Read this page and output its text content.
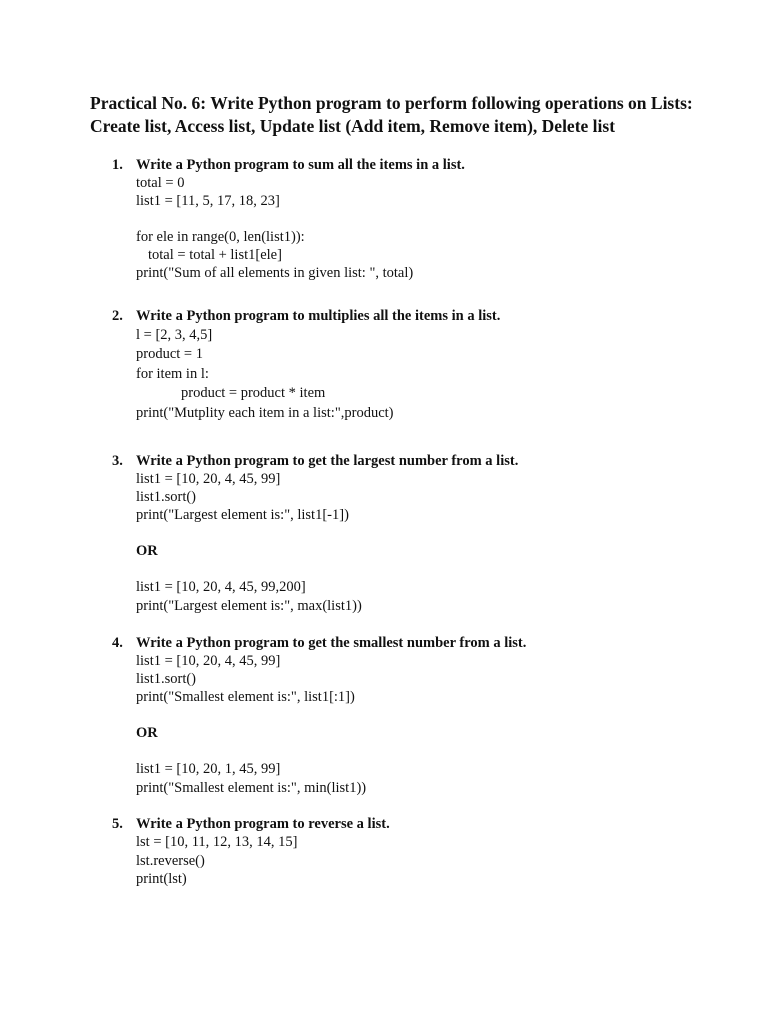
Practical No. 6: Write Python program to perform following operations on Lists: Create list, Access list, Update list (Add item, Remove item), Delete list

1. Write a Python program to sum all the items in a list.
total = 0
list1 = [11, 5, 17, 18, 23]
for ele in range(0, len(list1)):
total = total + list1[ele]
print("Sum of all elements in given list: ", total)
2. Write a Python program to multiplies all the items in a list.
l = [2, 3, 4,5]
product = 1
for item in l:
product = product * item
print("Mutplity each item in a list:",product)
3. Write a Python program to get the largest number from a list.
list1 = [10, 20, 4, 45, 99]
list1.sort()
print("Largest element is:", list1[-1])
OR
list1 = [10, 20, 4, 45, 99,200]
print("Largest element is:", max(list1))
4. Write a Python program to get the smallest number from a list.
list1 = [10, 20, 4, 45, 99]
list1.sort()
print("Smallest element is:", list1[:1])
OR
list1 = [10, 20, 1, 45, 99]
print("Smallest element is:", min(list1))
5. Write a Python program to reverse a list.
lst = [10, 11, 12, 13, 14, 15]
lst.reverse()
print(lst)
